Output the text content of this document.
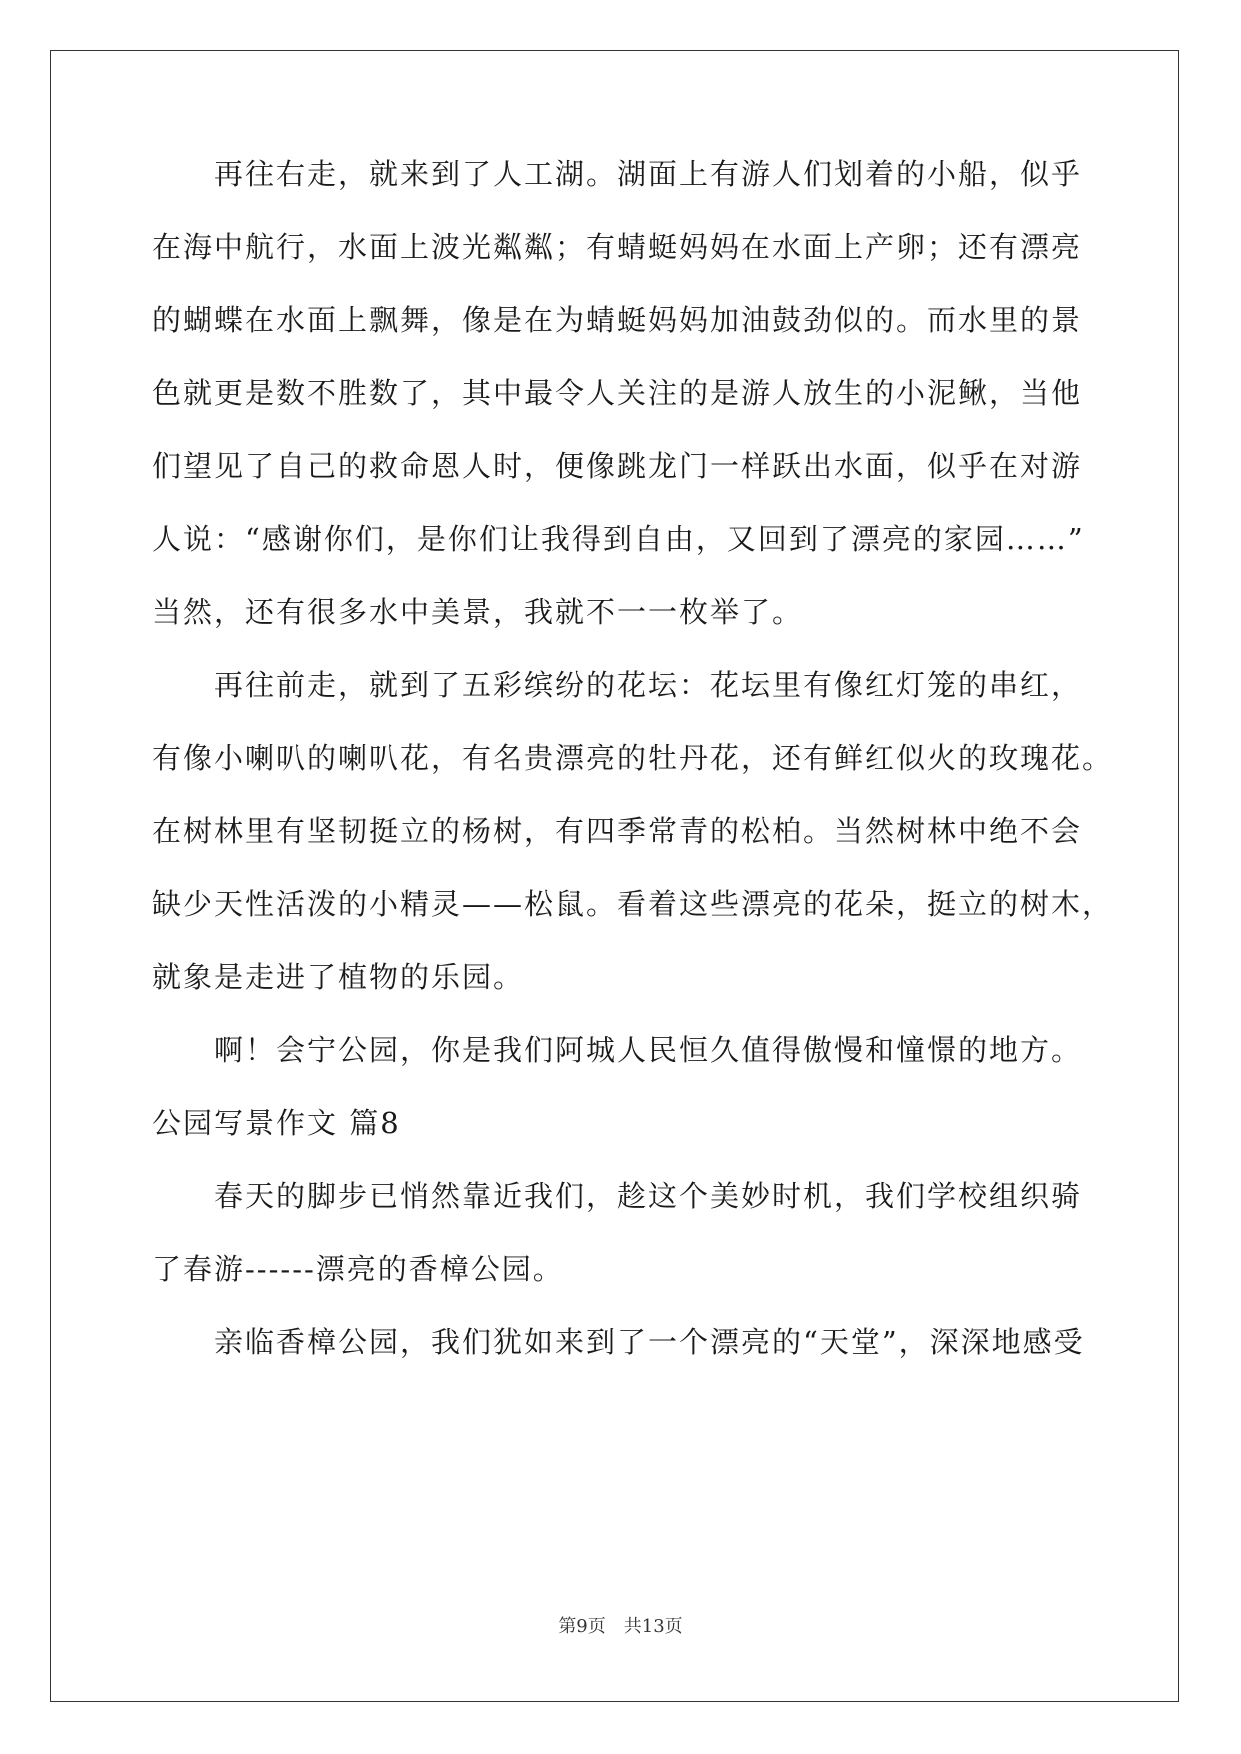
　　再往右走，就来到了人工湖。湖面上有游人们划着的小船，似乎
在海中航行，水面上波光粼粼；有蜻蜓妈妈在水面上产卵；还有漂亮
的蝴蝶在水面上飘舞，像是在为蜻蜓妈妈加油鼓劲似的。而水里的景
色就更是数不胜数了，其中最令人关注的是游人放生的小泥鳅，当他
们望见了自己的救命恩人时，便像跳龙门一样跃出水面，似乎在对游
人说：“感谢你们，是你们让我得到自由，又回到了漂亮的家园……”
当然，还有很多水中美景，我就不一一枚举了。
　　再往前走，就到了五彩缤纷的花坛：花坛里有像红灯笼的串红，
有像小喇叭的喇叭花，有名贵漂亮的牡丹花，还有鲜红似火的玫瑰花。
在树林里有坚韧挺立的杨树，有四季常青的松柏。当然树林中绝不会
缺少天性活泼的小精灵——松鼠。看着这些漂亮的花朵，挺立的树木，
就象是走进了植物的乐园。
　　啊！会宁公园，你是我们阿城人民恒久值得傲慢和憧憬的地方。
公园写景作文 篇8
　　春天的脚步已悄然靠近我们，趁这个美妙时机，我们学校组织骑
了春游------漂亮的香樟公园。
　　亲临香樟公园，我们犹如来到了一个漂亮的“天堂”，深深地感受
第9页　共13页
